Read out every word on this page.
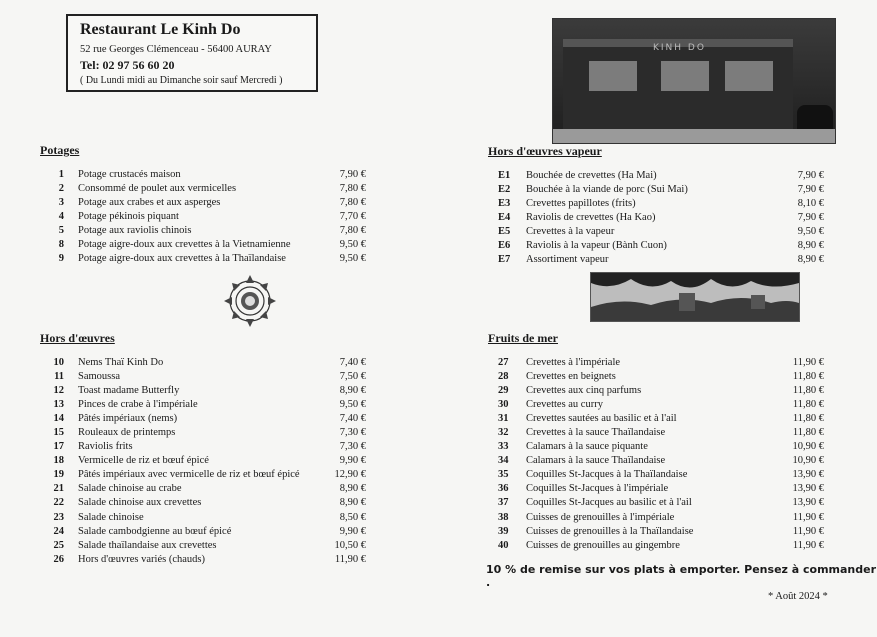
Restaurant Le Kinh Do
52 rue Georges Clémenceau - 56400 AURAY
Tel: 02 97 56 60 20
( Du Lundi midi au Dimanche soir sauf Mercredi )
KINH DO
Potages
1 Potage crustacés maison	7,90 €
2 Consommé de poulet aux vermicelles	7,80 €
3 Potage aux crabes et aux asperges	7,80 €
4 Potage pékinois piquant	7,70 €
5 Potage aux raviolis chinois	7,80 €
8 Potage aigre-doux aux crevettes à la Vietnamienne	9,50 €
9 Potage aigre-doux aux crevettes à la Thaïlandaise	9,50 €
Hors d'œuvres
10 Nems Thaï Kinh Do	7,40 €
11 Samoussa	7,50 €
12 Toast madame Butterfly	8,90 €
13 Pinces de crabe à l'impériale	9,50 €
14 Pâtés impériaux (nems)	7,40 €
15 Rouleaux de printemps	7,30 €
17 Raviolis frits	7,30 €
18 Vermicelle de riz et bœuf épicé	9,90 €
19 Pâtés impériaux avec vermicelle de riz et bœuf épicé	12,90 €
21 Salade chinoise au crabe	8,90 €
22 Salade chinoise aux crevettes	8,90 €
23 Salade chinoise	8,50 €
24 Salade cambodgienne au bœuf épicé	9,90 €
25 Salade thaïlandaise aux crevettes	10,50 €
26 Hors d'œuvres variés (chauds)	11,90 €
Hors d'œuvres vapeur
E1	Bouchée de crevettes (Ha Mai)	7,90 €
E2	Bouchée à la viande de porc (Sui Mai)	7,90 €
E3	Crevettes papillotes (frits)	8,10 €
E4	Raviolis de crevettes (Ha Kao)	7,90 €
E5	Crevettes à la vapeur	9,50 €
E6	Raviolis à la vapeur (Bành Cuon)	8,90 €
E7	Assortiment vapeur	8,90 €
Fruits de mer
27	Crevettes à l'impériale	11,90 €
28	Crevettes en beignets	11,80 €
29	Crevettes aux cinq parfums	11,80 €
30	Crevettes au curry	11,80 €
31	Crevettes sautées au basilic et à l'ail	11,80 €
32	Crevettes à la sauce Thaïlandaise	11,80 €
33	Calamars à la sauce piquante	10,90 €
34	Calamars à la sauce Thaïlandaise	10,90 €
35	Coquilles St-Jacques à la Thaïlandaise	13,90 €
36	Coquilles St-Jacques à l'impériale	13,90 €
37	Coquilles St-Jacques au basilic et à l'ail	13,90 €
38	Cuisses de grenouilles à l'impériale	11,90 €
39	Cuisses de grenouilles à la Thaïlandaise	11,90 €
40	Cuisses de grenouilles au gingembre	11,90 €
10 % de remise sur vos plats à emporter. Pensez à commander .
* Août 2024 *
